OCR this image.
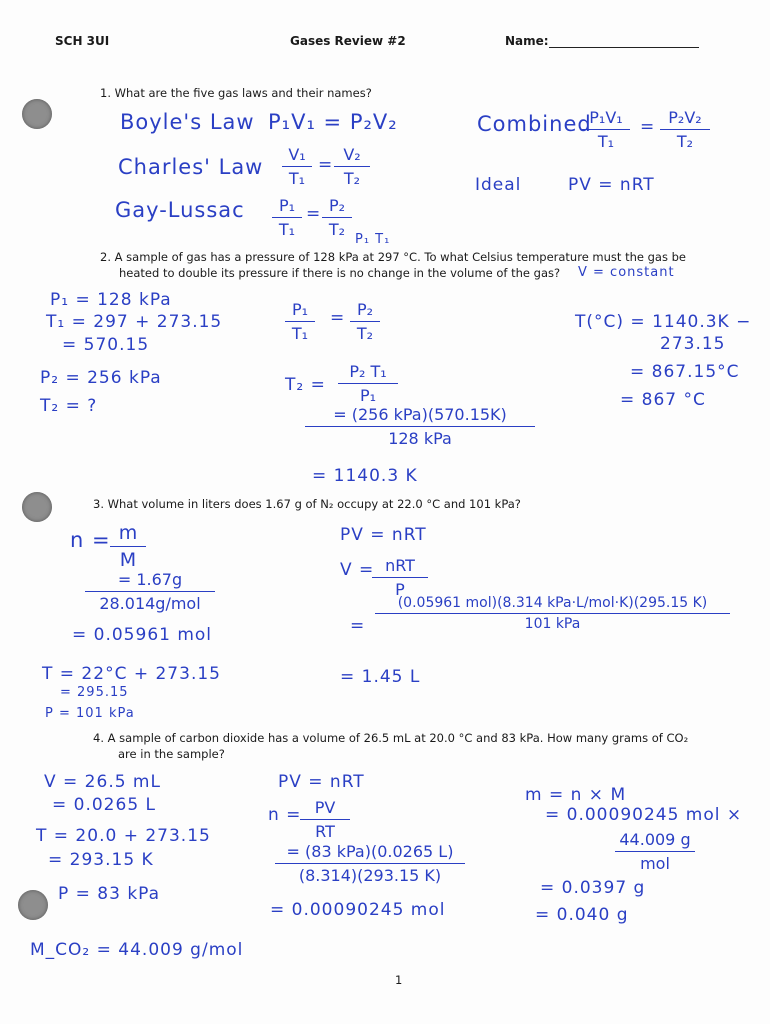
SCH 3UI	Gases Review #2	Name:
1. What are the five gas laws and their names?
Boyle's Law P₁V₁ = P₂V₂
Charles' Law
V₁
T₁
=
V₂
T₂
Gay-Lussac	P₁
T₁
= P₂
T₂
Combined
P₁V₁
T₁
= P₂V₂
T₂
Ideal	PV = nRT
P₁ T₁
2. A sample of gas has a pressure of 128 kPa at 297 °C. To what Celsius temperature must the gas be
heated to double its pressure if there is no change in the volume of the gas? V = constant
P₁ = 128 kPa
T₁ = 297 + 273.15
= 570.15
P₂ = 256 kPa
T₂ = ?
P₁
T₁
= P₂
T₂
T₂ =
P₂ T₁
P₁
= (256 kPa)(570.15K)
128 kPa
= 1140.3 K
T(°C) = 1140.3K −
273.15
= 867.15°C
= 867 °C
3. What volume in liters does 1.67 g of N₂ occupy at 22.0 °C and 101 kPa?
n = m
M
= 1.67g
28.014g/mol
= 0.05961 mol
T = 22°C + 273.15
= 295.15
P = 101 kPa
PV = nRT
V = nRT
P
=
(0.05961 mol)(8.314 kPa·L/mol·K)(295.15 K)
101 kPa
= 1.45 L
4. A sample of carbon dioxide has a volume of 26.5 mL at 20.0 °C and 83 kPa. How many grams of CO₂
are in the sample?
V = 26.5 mL
= 0.0265 L
T = 20.0 + 273.15
= 293.15 K
P = 83 kPa
M_CO₂ = 44.009 g/mol
PV = nRT
n = PV
RT
= (83 kPa)(0.0265 L)
(8.314)(293.15 K)
= 0.00090245 mol
m = n × M
= 0.00090245 mol ×
44.009 g
mol
= 0.0397 g
= 0.040 g
1
